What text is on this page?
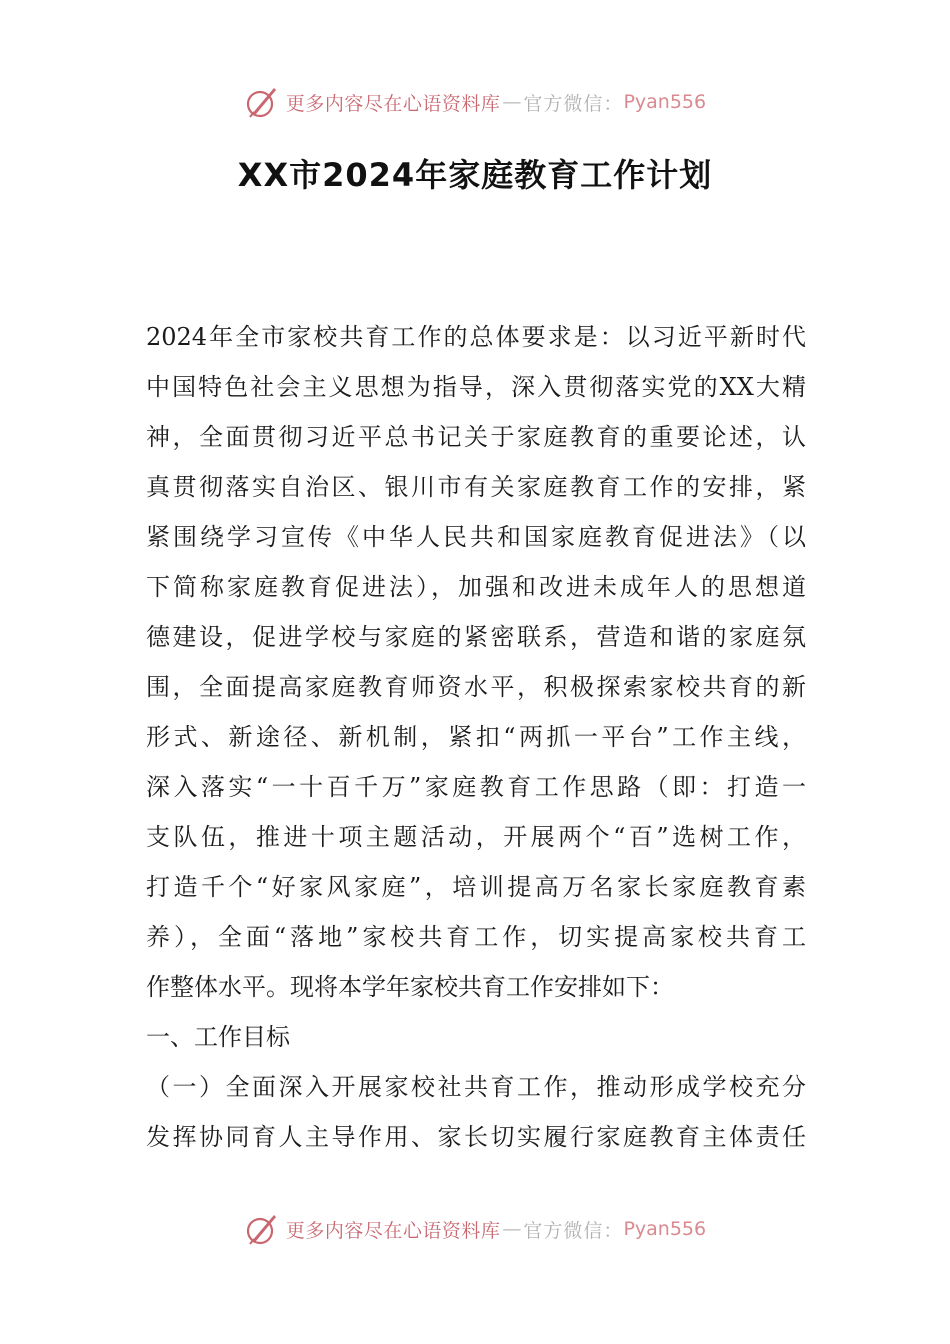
更多内容尽在心语资料库 — 官方微信： Pyan556
XX市2024年家庭教育工作计划
2024年全市家校共育工作的总体要求是：以习近平新时代
中国特色社会主义思想为指导，深入贯彻落实党的XX大精
神，全面贯彻习近平总书记关于家庭教育的重要论述，认
真贯彻落实自治区、银川市有关家庭教育工作的安排，紧
紧围绕学习宣传《中华人民共和国家庭教育促进法》（以
下简称家庭教育促进法），加强和改进未成年人的思想道
德建设，促进学校与家庭的紧密联系，营造和谐的家庭氛
围，全面提高家庭教育师资水平，积极探索家校共育的新
形式、新途径、新机制，紧扣“两抓一平台”工作主线，
深入落实“一十百千万”家庭教育工作思路（即：打造一
支队伍，推进十项主题活动，开展两个“百”选树工作，
打造千个“好家风家庭”，培训提高万名家长家庭教育素
养），全面“落地”家校共育工作，切实提高家校共育工
作整体水平。现将本学年家校共育工作安排如下：
一、工作目标
（一）全面深入开展家校社共育工作，推动形成学校充分
发挥协同育人主导作用、家长切实履行家庭教育主体责任
更多内容尽在心语资料库 — 官方微信： Pyan556
